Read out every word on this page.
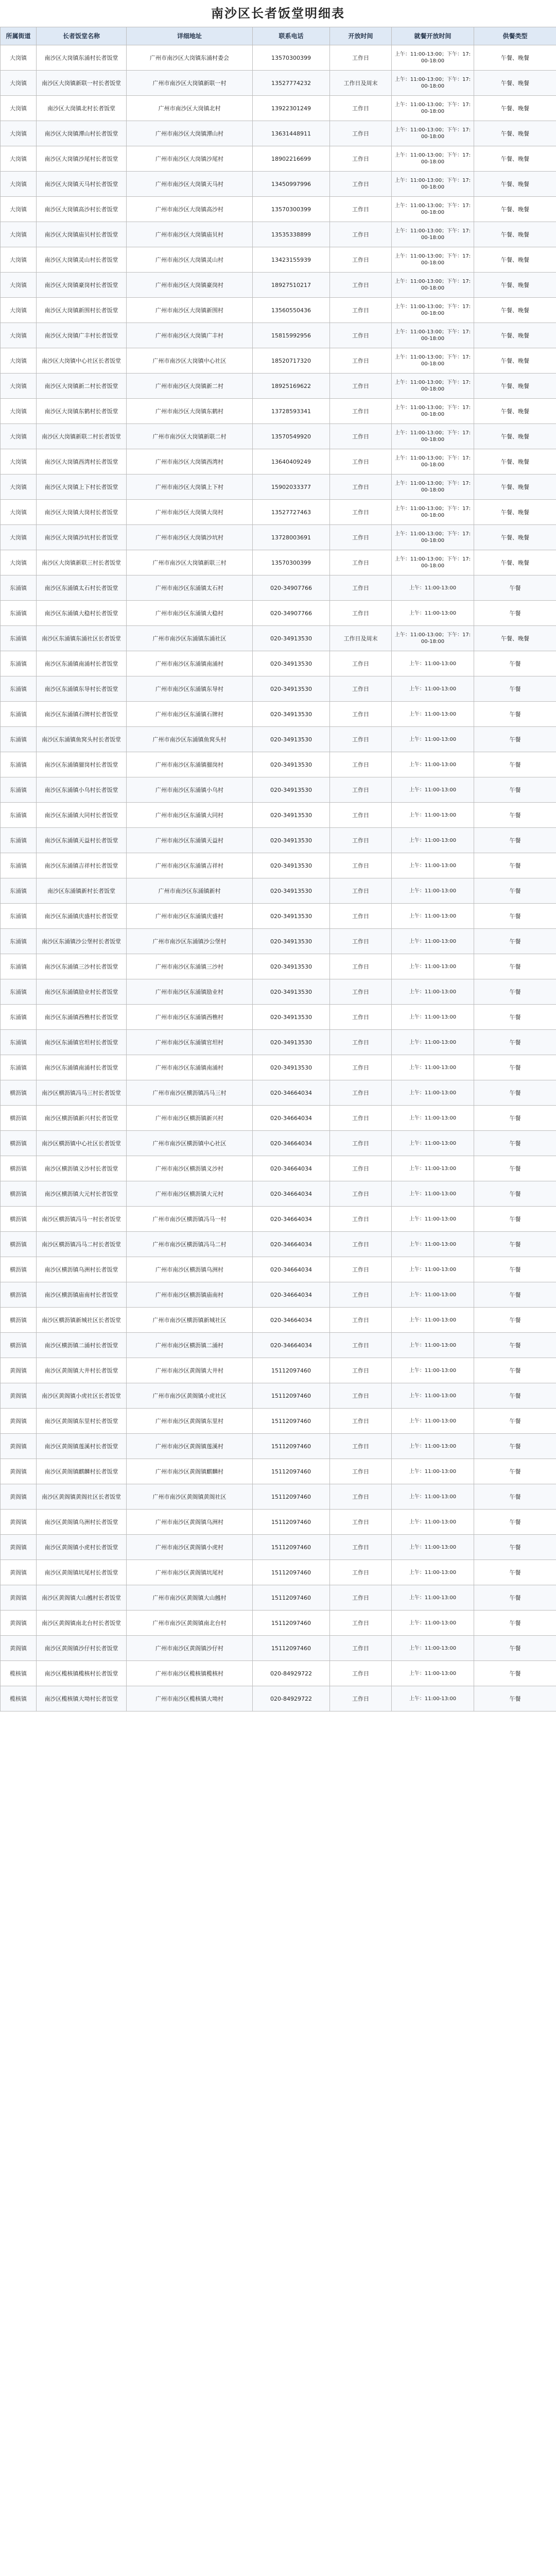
南沙区长者饭堂明细表
所属街道	长者饭堂名称	详细地址	联系电话	开放时间	就餐开放时间	供餐类型
大岗镇	南沙区大岗镇东涌村长者饭堂	广州市南沙区大岗镇东涌村委会	13570300399	工作日	上午：11:00-13:00；下午：17:00-18:00	午餐、晚餐
大岗镇	南沙区大岗镇新联一村长者饭堂	广州市南沙区大岗镇新联一村	13527774232	工作日及周末	上午：11:00-13:00；下午：17:00-18:00	午餐、晚餐
大岗镇	南沙区大岗镇北村长者饭堂	广州市南沙区大岗镇北村	13922301249	工作日	上午：11:00-13:00；下午：17:00-18:00	午餐、晚餐
大岗镇	南沙区大岗镇潭山村长者饭堂	广州市南沙区大岗镇潭山村	13631448911	工作日	上午：11:00-13:00；下午：17:00-18:00	午餐、晚餐
大岗镇	南沙区大岗镇沙尾村长者饭堂	广州市南沙区大岗镇沙尾村	18902216699	工作日	上午：11:00-13:00；下午：17:00-18:00	午餐、晚餐
大岗镇	南沙区大岗镇天马村长者饭堂	广州市南沙区大岗镇天马村	13450997996	工作日	上午：11:00-13:00；下午：17:00-18:00	午餐、晚餐
大岗镇	南沙区大岗镇高沙村长者饭堂	广州市南沙区大岗镇高沙村	13570300399	工作日	上午：11:00-13:00；下午：17:00-18:00	午餐、晚餐
大岗镇	南沙区大岗镇庙贝村长者饭堂	广州市南沙区大岗镇庙贝村	13535338899	工作日	上午：11:00-13:00；下午：17:00-18:00	午餐、晚餐
大岗镇	南沙区大岗镇灵山村长者饭堂	广州市南沙区大岗镇灵山村	13423155939	工作日	上午：11:00-13:00；下午：17:00-18:00	午餐、晚餐
大岗镇	南沙区大岗镇豪岗村长者饭堂	广州市南沙区大岗镇豪岗村	18927510217	工作日	上午：11:00-13:00；下午：17:00-18:00	午餐、晚餐
大岗镇	南沙区大岗镇新围村长者饭堂	广州市南沙区大岗镇新围村	13560550436	工作日	上午：11:00-13:00；下午：17:00-18:00	午餐、晚餐
大岗镇	南沙区大岗镇广丰村长者饭堂	广州市南沙区大岗镇广丰村	15815992956	工作日	上午：11:00-13:00；下午：17:00-18:00	午餐、晚餐
大岗镇	南沙区大岗镇中心社区长者饭堂	广州市南沙区大岗镇中心社区	18520717320	工作日	上午：11:00-13:00；下午：17:00-18:00	午餐、晚餐
大岗镇	南沙区大岗镇新二村长者饭堂	广州市南沙区大岗镇新二村	18925169622	工作日	上午：11:00-13:00；下午：17:00-18:00	午餐、晚餐
大岗镇	南沙区大岗镇东鹤村长者饭堂	广州市南沙区大岗镇东鹤村	13728593341	工作日	上午：11:00-13:00；下午：17:00-18:00	午餐、晚餐
大岗镇	南沙区大岗镇新联二村长者饭堂	广州市南沙区大岗镇新联二村	13570549920	工作日	上午：11:00-13:00；下午：17:00-18:00	午餐、晚餐
大岗镇	南沙区大岗镇西湾村长者饭堂	广州市南沙区大岗镇西湾村	13640409249	工作日	上午：11:00-13:00；下午：17:00-18:00	午餐、晚餐
大岗镇	南沙区大岗镇上下村长者饭堂	广州市南沙区大岗镇上下村	15902033377	工作日	上午：11:00-13:00；下午：17:00-18:00	午餐、晚餐
大岗镇	南沙区大岗镇大岗村长者饭堂	广州市南沙区大岗镇大岗村	13527727463	工作日	上午：11:00-13:00；下午：17:00-18:00	午餐、晚餐
大岗镇	南沙区大岗镇沙坑村长者饭堂	广州市南沙区大岗镇沙坑村	13728003691	工作日	上午：11:00-13:00；下午：17:00-18:00	午餐、晚餐
大岗镇	南沙区大岗镇新联三村长者饭堂	广州市南沙区大岗镇新联三村	13570300399	工作日	上午：11:00-13:00；下午：17:00-18:00	午餐、晚餐
东涌镇	南沙区东涌镇太石村长者饭堂	广州市南沙区东涌镇太石村	020-34907766	工作日	上午：11:00-13:00	午餐
东涌镇	南沙区东涌镇大稳村长者饭堂	广州市南沙区东涌镇大稳村	020-34907766	工作日	上午：11:00-13:00	午餐
东涌镇	南沙区东涌镇东涌社区长者饭堂	广州市南沙区东涌镇东涌社区	020-34913530	工作日及周末	上午：11:00-13:00；下午：17:00-18:00	午餐、晚餐
东涌镇	南沙区东涌镇南涌村长者饭堂	广州市南沙区东涌镇南涌村	020-34913530	工作日	上午：11:00-13:00	午餐
东涌镇	南沙区东涌镇东导村长者饭堂	广州市南沙区东涌镇东导村	020-34913530	工作日	上午：11:00-13:00	午餐
东涌镇	南沙区东涌镇石牌村长者饭堂	广州市南沙区东涌镇石牌村	020-34913530	工作日	上午：11:00-13:00	午餐
东涌镇	南沙区东涌镇鱼窝头村长者饭堂	广州市南沙区东涌镇鱼窝头村	020-34913530	工作日	上午：11:00-13:00	午餐
东涌镇	南沙区东涌镇骝岗村长者饭堂	广州市南沙区东涌镇骝岗村	020-34913530	工作日	上午：11:00-13:00	午餐
东涌镇	南沙区东涌镇小乌村长者饭堂	广州市南沙区东涌镇小乌村	020-34913530	工作日	上午：11:00-13:00	午餐
东涌镇	南沙区东涌镇大同村长者饭堂	广州市南沙区东涌镇大同村	020-34913530	工作日	上午：11:00-13:00	午餐
东涌镇	南沙区东涌镇天益村长者饭堂	广州市南沙区东涌镇天益村	020-34913530	工作日	上午：11:00-13:00	午餐
东涌镇	南沙区东涌镇吉祥村长者饭堂	广州市南沙区东涌镇吉祥村	020-34913530	工作日	上午：11:00-13:00	午餐
东涌镇	南沙区东涌镇新村长者饭堂	广州市南沙区东涌镇新村	020-34913530	工作日	上午：11:00-13:00	午餐
东涌镇	南沙区东涌镇庆盛村长者饭堂	广州市南沙区东涌镇庆盛村	020-34913530	工作日	上午：11:00-13:00	午餐
东涌镇	南沙区东涌镇沙公堡村长者饭堂	广州市南沙区东涌镇沙公堡村	020-34913530	工作日	上午：11:00-13:00	午餐
东涌镇	南沙区东涌镇三沙村长者饭堂	广州市南沙区东涌镇三沙村	020-34913530	工作日	上午：11:00-13:00	午餐
东涌镇	南沙区东涌镇励业村长者饭堂	广州市南沙区东涌镇励业村	020-34913530	工作日	上午：11:00-13:00	午餐
东涌镇	南沙区东涌镇西樵村长者饭堂	广州市南沙区东涌镇西樵村	020-34913530	工作日	上午：11:00-13:00	午餐
东涌镇	南沙区东涌镇官坦村长者饭堂	广州市南沙区东涌镇官坦村	020-34913530	工作日	上午：11:00-13:00	午餐
东涌镇	南沙区东涌镇南涌村长者饭堂	广州市南沙区东涌镇南涌村	020-34913530	工作日	上午：11:00-13:00	午餐
横沥镇	南沙区横沥镇冯马三村长者饭堂	广州市南沙区横沥镇冯马三村	020-34664034	工作日	上午：11:00-13:00	午餐
横沥镇	南沙区横沥镇新兴村长者饭堂	广州市南沙区横沥镇新兴村	020-34664034	工作日	上午：11:00-13:00	午餐
横沥镇	南沙区横沥镇中心社区长者饭堂	广州市南沙区横沥镇中心社区	020-34664034	工作日	上午：11:00-13:00	午餐
横沥镇	南沙区横沥镇义沙村长者饭堂	广州市南沙区横沥镇义沙村	020-34664034	工作日	上午：11:00-13:00	午餐
横沥镇	南沙区横沥镇大元村长者饭堂	广州市南沙区横沥镇大元村	020-34664034	工作日	上午：11:00-13:00	午餐
横沥镇	南沙区横沥镇冯马一村长者饭堂	广州市南沙区横沥镇冯马一村	020-34664034	工作日	上午：11:00-13:00	午餐
横沥镇	南沙区横沥镇冯马二村长者饭堂	广州市南沙区横沥镇冯马二村	020-34664034	工作日	上午：11:00-13:00	午餐
横沥镇	南沙区横沥镇乌洲村长者饭堂	广州市南沙区横沥镇乌洲村	020-34664034	工作日	上午：11:00-13:00	午餐
横沥镇	南沙区横沥镇庙南村长者饭堂	广州市南沙区横沥镇庙南村	020-34664034	工作日	上午：11:00-13:00	午餐
横沥镇	南沙区横沥镇新城社区长者饭堂	广州市南沙区横沥镇新城社区	020-34664034	工作日	上午：11:00-13:00	午餐
横沥镇	南沙区横沥镇二涌村长者饭堂	广州市南沙区横沥镇二涌村	020-34664034	工作日	上午：11:00-13:00	午餐
黄阁镇	南沙区黄阁镇大井村长者饭堂	广州市南沙区黄阁镇大井村	15112097460	工作日	上午：11:00-13:00	午餐
黄阁镇	南沙区黄阁镇小虎社区长者饭堂	广州市南沙区黄阁镇小虎社区	15112097460	工作日	上午：11:00-13:00	午餐
黄阁镇	南沙区黄阁镇东里村长者饭堂	广州市南沙区黄阁镇东里村	15112097460	工作日	上午：11:00-13:00	午餐
黄阁镇	南沙区黄阁镇莲溪村长者饭堂	广州市南沙区黄阁镇莲溪村	15112097460	工作日	上午：11:00-13:00	午餐
黄阁镇	南沙区黄阁镇麒麟村长者饭堂	广州市南沙区黄阁镇麒麟村	15112097460	工作日	上午：11:00-13:00	午餐
黄阁镇	南沙区黄阁镇黄阁社区长者饭堂	广州市南沙区黄阁镇黄阁社区	15112097460	工作日	上午：11:00-13:00	午餐
黄阁镇	南沙区黄阁镇乌洲村长者饭堂	广州市南沙区黄阁镇乌洲村	15112097460	工作日	上午：11:00-13:00	午餐
黄阁镇	南沙区黄阁镇小虎村长者饭堂	广州市南沙区黄阁镇小虎村	15112097460	工作日	上午：11:00-13:00	午餐
黄阁镇	南沙区黄阁镇坑尾村长者饭堂	广州市南沙区黄阁镇坑尾村	15112097460	工作日	上午：11:00-13:00	午餐
黄阁镇	南沙区黄阁镇大山乸村长者饭堂	广州市南沙区黄阁镇大山乸村	15112097460	工作日	上午：11:00-13:00	午餐
黄阁镇	南沙区黄阁镇南北台村长者饭堂	广州市南沙区黄阁镇南北台村	15112097460	工作日	上午：11:00-13:00	午餐
黄阁镇	南沙区黄阁镇沙仔村长者饭堂	广州市南沙区黄阁镇沙仔村	15112097460	工作日	上午：11:00-13:00	午餐
榄核镇	南沙区榄核镇榄核村长者饭堂	广州市南沙区榄核镇榄核村	020-84929722	工作日	上午：11:00-13:00	午餐
榄核镇	南沙区榄核镇大坳村长者饭堂	广州市南沙区榄核镇大坳村	020-84929722	工作日	上午：11:00-13:00	午餐
